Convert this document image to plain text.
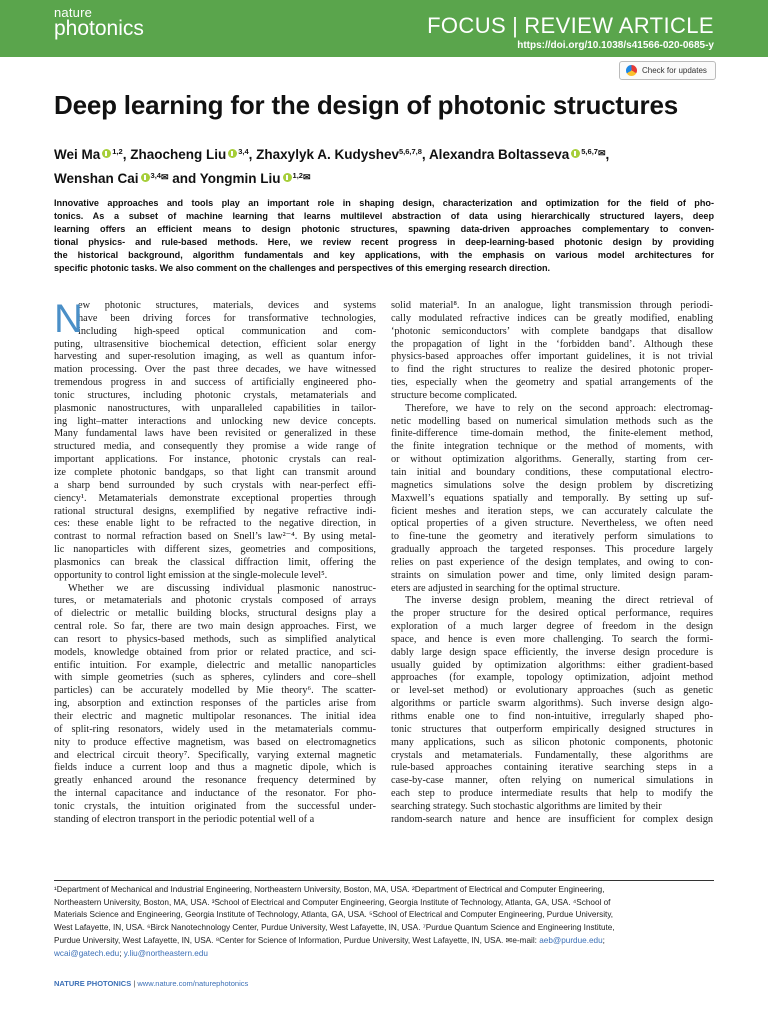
nature
photonics	FOCUS | REVIEW ARTICLE
https://doi.org/10.1038/s41566-020-0685-y
Check for updates
Deep learning for the design of photonic structures
Wei Ma $^{1,2}$, Zhaocheng Liu $^{3,4}$, Zhaxylyk A. Kudyshev$^{5,6,7,8}$, Alexandra Boltasseva $^{5,6,7✉}$,
Wenshan Cai $^{3,4✉}$ and Yongmin Liu $^{1,2✉}$
Innovative approaches and tools play an important role in shaping design, characterization and optimization for the field of pho-
tonics. As a subset of machine learning that learns multilevel abstraction of data using hierarchically structured layers, deep
learning offers an efficient means to design photonic structures, spawning data-driven approaches complementary to conven-
tional physics- and rule-based methods. Here, we review recent progress in deep-learning-based photonic design by providing
the historical background, algorithm fundamentals and key applications, with the emphasis on various model architectures for
specific photonic tasks. We also comment on the challenges and perspectives of this emerging research direction.
N
ew photonic structures, materials, devices and systems
have been driving forces for transformative technologies,
including high-speed optical communication and com-
puting, ultrasensitive biochemical detection, efficient solar energy
harvesting and super-resolution imaging, as well as quantum infor-
mation processing. Over the past three decades, we have witnessed
tremendous progress in and success of artificially engineered pho-
tonic structures, including photonic crystals, metamaterials and
plasmonic nanostructures, with unparalleled capabilities in tailor-
ing light–matter interactions and unlocking new device concepts.
Many fundamental laws have been revisited or generalized in these
structured media, and consequently they promise a wide range of
important applications. For instance, photonic crystals can real-
ize complete photonic bandgaps, so that light can transmit around
a sharp bend surrounded by such crystals with near-perfect effi-
ciency¹. Metamaterials demonstrate exceptional properties through
rational structural designs, exemplified by negative refractive indi-
ces: these enable light to be refracted to the negative direction, in
contrast to normal refraction based on Snell’s law²⁻⁴. By using metal-
lic nanoparticles with different sizes, geometries and compositions,
plasmonics can break the classical diffraction limit, offering the
opportunity to control light emission at the single-molecule level⁵.
Whether we are discussing individual plasmonic nanostruc-
tures, or metamaterials and photonic crystals composed of arrays
of dielectric or metallic building blocks, structural designs play a
central role. So far, there are two main design approaches. First, we
can resort to physics-based methods, such as simplified analytical
models, knowledge obtained from prior or related practice, and sci-
entific intuition. For example, dielectric and metallic nanoparticles
with simple geometries (such as spheres, cylinders and core–shell
particles) can be accurately modelled by Mie theory⁶. The scatter-
ing, absorption and extinction responses of the particles arise from
their electric and magnetic multipolar resonances. The initial idea
of split-ring resonators, widely used in the metamaterials commu-
nity to produce effective magnetism, was based on electromagnetics
and electrical circuit theory⁷. Specifically, varying external magnetic
fields induce a current loop and thus a magnetic dipole, which is
greatly enhanced around the resonance frequency determined by
the internal capacitance and inductance of the resonator. For pho-
tonic crystals, the intuition originated from the successful under-
standing of electron transport in the periodic potential well of a
solid material⁸. In an analogue, light transmission through periodi-
cally modulated refractive indices can be greatly modified, enabling
‘photonic semiconductors’ with complete bandgaps that disallow
the propagation of light in the ‘forbidden band’. Although these
physics-based approaches offer important guidelines, it is not trivial
to find the right structures to realize the desired photonic proper-
ties, especially when the geometry and spatial arrangements of the
structure become complicated.
Therefore, we have to rely on the second approach: electromag-
netic modelling based on numerical simulation methods such as the
finite-difference time-domain method, the finite-element method,
the finite integration technique or the method of moments, with
or without optimization algorithms. Generally, starting from cer-
tain initial and boundary conditions, these computational electro-
magnetics simulations solve the design problem by discretizing
Maxwell’s equations spatially and temporally. By setting up suf-
ficient meshes and iteration steps, we can accurately calculate the
optical properties of a given structure. Nevertheless, we often need
to fine-tune the geometry and iteratively perform simulations to
gradually approach the targeted responses. This procedure largely
relies on past experience of the design templates, and owing to con-
straints on simulation power and time, only limited design param-
eters are adjusted in searching for the optimal structure.
The inverse design problem, meaning the direct retrieval of
the proper structure for the desired optical performance, requires
exploration of a much larger degree of freedom in the design
space, and hence is even more challenging. To search the formi-
dably large design space efficiently, the inverse design procedure is
usually guided by optimization algorithms: either gradient-based
approaches (for example, topology optimization, adjoint method
or level-set method) or evolutionary approaches (such as genetic
algorithms or particle swarm algorithms). Such inverse design algo-
rithms enable one to find non-intuitive, irregularly shaped pho-
tonic structures that outperform empirically designed structures in
many applications, such as silicon photonic components, photonic
crystals and metamaterials. Fundamentally, these algorithms are
rule-based approaches containing iterative searching steps in a
case-by-case manner, often relying on numerical simulations in
each step to produce intermediate results that help to modify the
searching strategy. Such stochastic algorithms are limited by their
random-search nature and hence are insufficient for complex design
¹Department of Mechanical and Industrial Engineering, Northeastern University, Boston, MA, USA. ²Department of Electrical and Computer Engineering,
Northeastern University, Boston, MA, USA. ³School of Electrical and Computer Engineering, Georgia Institute of Technology, Atlanta, GA, USA. ⁴School of
Materials Science and Engineering, Georgia Institute of Technology, Atlanta, GA, USA. ⁵School of Electrical and Computer Engineering, Purdue University,
West Lafayette, IN, USA. ⁶Birck Nanotechnology Center, Purdue University, West Lafayette, IN, USA. ⁷Purdue Quantum Science and Engineering Institute,
Purdue University, West Lafayette, IN, USA. ⁸Center for Science of Information, Purdue University, West Lafayette, IN, USA. ✉e-mail: aeb@purdue.edu;
wcai@gatech.edu; y.liu@northeastern.edu
NATURE PHOTONICS | www.nature.com/naturephotonics
